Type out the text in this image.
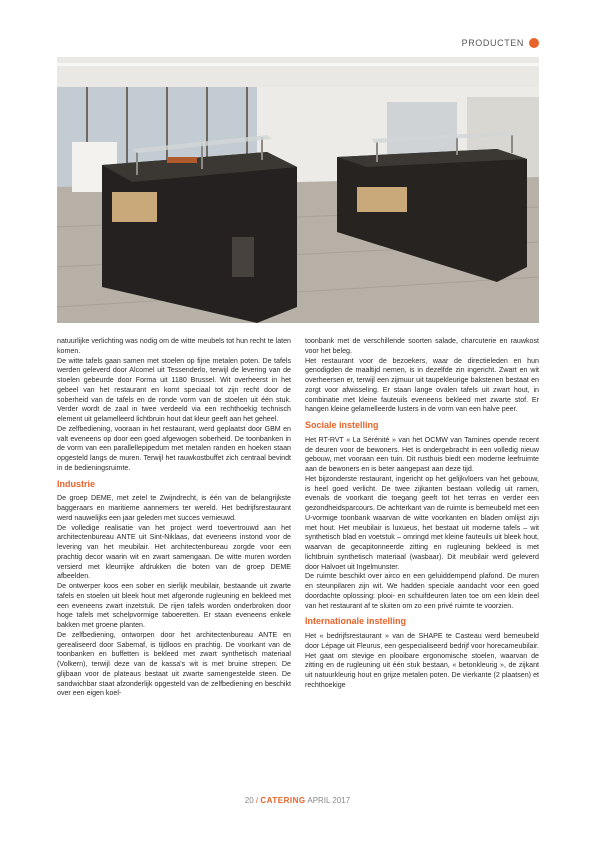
PRODUCTEN

natuurlijke verlichting was nodig om de witte meubels tot hun recht te laten komen.

De witte tafels gaan samen met stoelen op fijne metalen poten. De tafels werden geleverd door Alcomel uit Tessenderlo, terwijl de levering van de stoelen gebeurde door Forma uit 1180 Brussel. Wit overheerst in het gebeel van het restaurant en komt speciaal tot zijn recht door de soberheid van de tafels en de ronde vorm van de stoelen uit één stuk. Verder wordt de zaal in twee verdeeld via een rechthoekig technisch element uit gelamelleerd lichtbruin hout dat kleur geeft aan het geheel.

De zelfbediening, vooraan in het restaurant, werd geplaatst door GBM en valt eveneens op door een goed afgewogen soberheid. De toonbanken in de vorm van een parallellepipedum met metalen randen en hoeken staan opgesteld langs de muren. Terwijl het rauwkostbuffet zich centraal bevindt in de bedieningsruimte.

Industrie

De groep DEME, met zetel te Zwijndrecht, is één van de belangrijkste baggeraars en maritieme aannemers ter wereld. Het bedrijfsrestaurant werd nauwelijks een jaar geleden met succes vernieuwd.

De volledige realisatie van het project werd toevertrouwd aan het architectenbureau ANTE uit Sint-Niklaas, dat eveneens instond voor de levering van het meubilair. Het architectenbureau zorgde voor een prachtig decor waarin wit en zwart samengaan. De witte muren worden versierd met kleurrijke afdrukken die boten van de groep DEME afbeelden.

De ontwerper koos een sober en sierlijk meubilair, bestaande uit zwarte tafels en stoelen uit bleek hout met afgeronde rugleuning en bekleed met een eveneens zwart inzetstuk. De rijen tafels worden onderbroken door hoge tafels met schelpvormige taboeretten. Er staan eveneens enkele bakken met groene planten.

De zelfbediening, ontworpen door het architectenbureau ANTE en gerealiseerd door Sabemaf, is tijdloos en prachtig. De voorkant van de toonbanken en buffetten is bekleed met zwart synthetisch materiaal (Volkern), terwijl deze van de kassa's wit is met bruine strepen. De glijbaan voor de plateaus bestaat uit zwarte samengestelde steen. De sandwichbar staat afzonderlijk opgesteld van de zelfbediening en beschikt over een eigen koel-

toonbank met de verschillende soorten salade, charcuterie en rauwkost voor het beleg.

Het restaurant voor de bezoekers, waar de directieleden en hun genodigden de maaltijd nemen, is in dezelfde zin ingericht. Zwart en wit overheersen er, terwijl een zijmuur uit taupekleurige bakstenen bestaat en zorgt voor afwisseling. Er staan lange ovalen tafels uit zwart hout, in combinatie met kleine fauteuils eveneens bekleed met zwarte stof. Er hangen kleine gelamelleerde lusters in de vorm van een halve peer.

Sociale instelling

Het RT-RVT « La Sérénité » van het OCMW van Tamines opende recent de deuren voor de bewoners. Het is ondergebracht in een volledig nieuw gebouw, met vooraan een tuin. Dit rusthuis biedt een moderne leefruimte aan de bewoners en is beter aangepast aan deze tijd.

Het bijzonderste restaurant, ingericht op het gelijkvloers van het gebouw, is heel goed verlicht. De twee zijkanten bestaan volledig uit ramen, evenals de voorkant die toegang geeft tot het terras en verder een gezondheidsparcours. De achterkant van de ruimte is bemeubeld met een U-vormige toonbank waarvan de witte voorkanten en bladen omlijst zijn met hout. Het meubilair is luxueus, het bestaat uit moderne tafels – wit synthetisch blad en voetstuk – omringd met kleine fauteuils uit bleek hout, waarvan de gecapitonneerde zitting en rugleuning bekleed is met lichtbruin synthetisch materiaal (wasbaar). Dit meubilair werd geleverd door Halvoet uit Ingelmunster.

De ruimte beschikt over airco en een geluiddempend plafond. De muren en steunpilaren zijn wit. We hadden speciale aandacht voor een goed doordachte oplossing: plooi- en schuifdeuren laten toe om een klein deel van het restaurant af te sluiten om zo een privé ruimte te voorzien.

Internationale instelling

Het « bedrijfsrestaurant » van de SHAPE te Casteau werd bemeubeld door Lépage uit Fleurus, een gespecialiseerd bedrijf voor horecameubilair. Het gaat om stevige en plooibare ergonomische stoelen, waarvan de zitting en de rugleuning uit één stuk bestaan, « betonkleurig », de zijkant uit natuurkleurig hout en grijze metalen poten. De vierkante (2 plaatsen) et rechthoekige

20 / CATERING APRIL 2017
